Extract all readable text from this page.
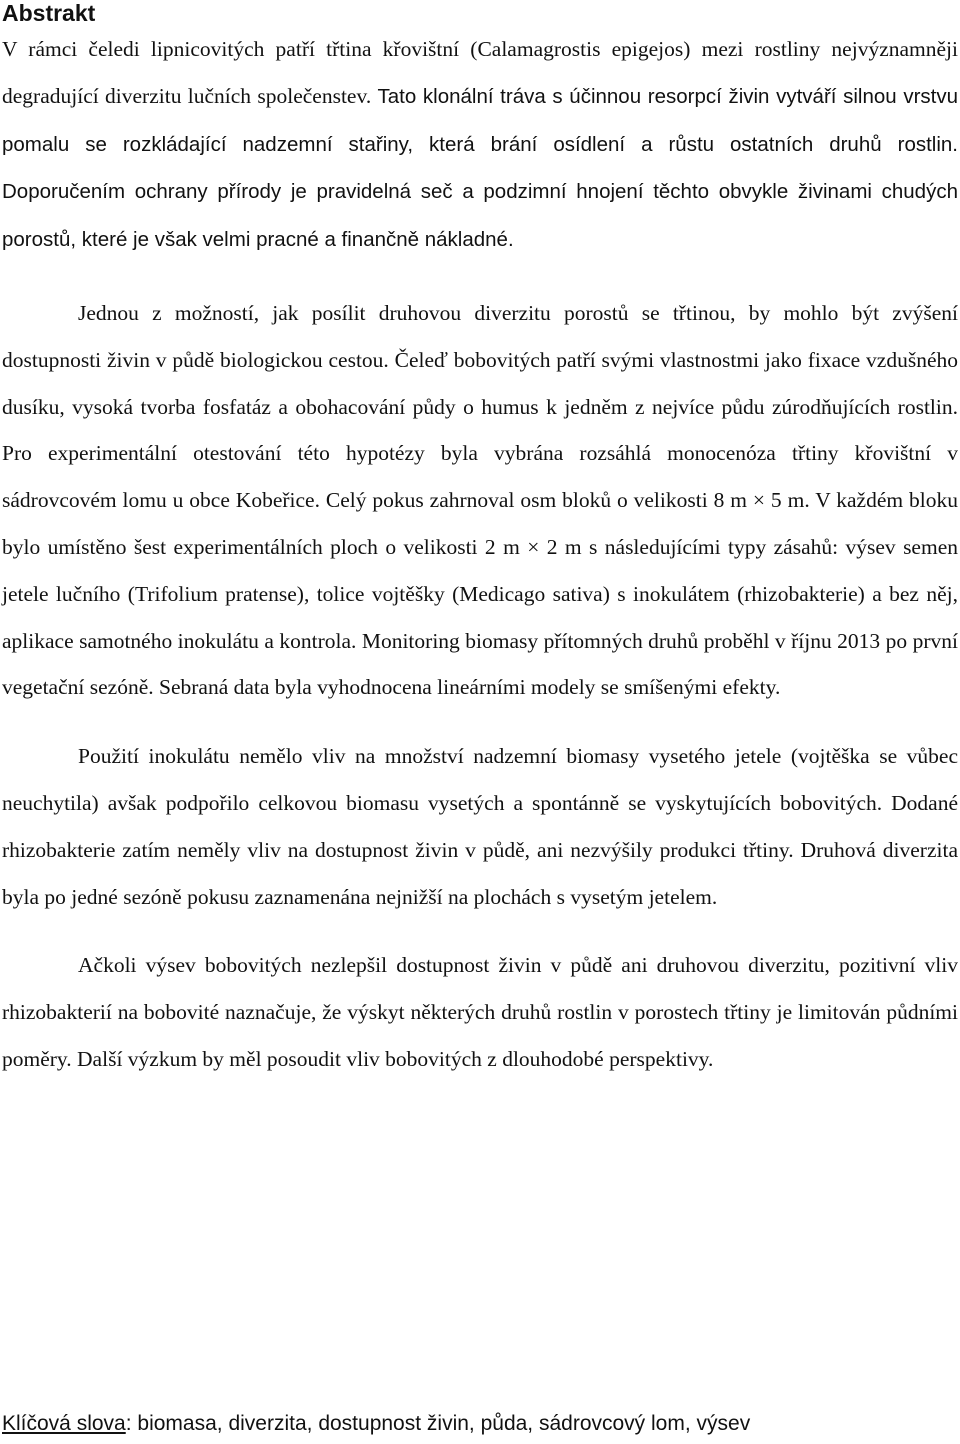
Abstrakt

V rámci čeledi lipnicovitých patří třtina křovištní (Calamagrostis epigejos) mezi rostliny nejvýznamněji degradující diverzitu lučních společenstev. Tato klonální tráva s účinnou resorpcí živin vytváří silnou vrstvu pomalu se rozkládající nadzemní stařiny, která brání osídlení a růstu ostatních druhů rostlin. Doporučením ochrany přírody je pravidelná seč a podzimní hnojení těchto obvykle živinami chudých porostů, které je však velmi pracné a finančně nákladné.

Jednou z možností, jak posílit druhovou diverzitu porostů se třtinou, by mohlo být zvýšení dostupnosti živin v půdě biologickou cestou. Čeleď bobovitých patří svými vlastnostmi jako fixace vzdušného dusíku, vysoká tvorba fosfatáz a obohacování půdy o humus k jedněm z nejvíce půdu zúrodňujících rostlin. Pro experimentální otestování této hypotézy byla vybrána rozsáhlá monocenóza třtiny křovištní v sádrovcovém lomu u obce Kobeřice. Celý pokus zahrnoval osm bloků o velikosti 8 m × 5 m. V každém bloku bylo umístěno šest experimentálních ploch o velikosti 2 m × 2 m s následujícími typy zásahů: výsev semen jetele lučního (Trifolium pratense), tolice vojtěšky (Medicago sativa) s inokulátem (rhizobakterie) a bez něj, aplikace samotného inokulátu a kontrola. Monitoring biomasy přítomných druhů proběhl v říjnu 2013 po první vegetační sezóně. Sebraná data byla vyhodnocena lineárními modely se smíšenými efekty.

Použití inokulátu nemělo vliv na množství nadzemní biomasy vysetého jetele (vojtěška se vůbec neuchytila) avšak podpořilo celkovou biomasu vysetých a spontánně se vyskytujících bobovitých. Dodané rhizobakterie zatím neměly vliv na dostupnost živin v půdě, ani nezvýšily produkci třtiny. Druhová diverzita byla po jedné sezóně pokusu zaznamenána nejnižší na plochách s vysetým jetelem.

Ačkoli výsev bobovitých nezlepšil dostupnost živin v půdě ani druhovou diverzitu, pozitivní vliv rhizobakterií na bobovité naznačuje, že výskyt některých druhů rostlin v porostech třtiny je limitován půdními poměry. Další výzkum by měl posoudit vliv bobovitých z dlouhodobé perspektivy.

Klíčová slova: biomasa, diverzita, dostupnost živin, půda, sádrovcový lom, výsev
